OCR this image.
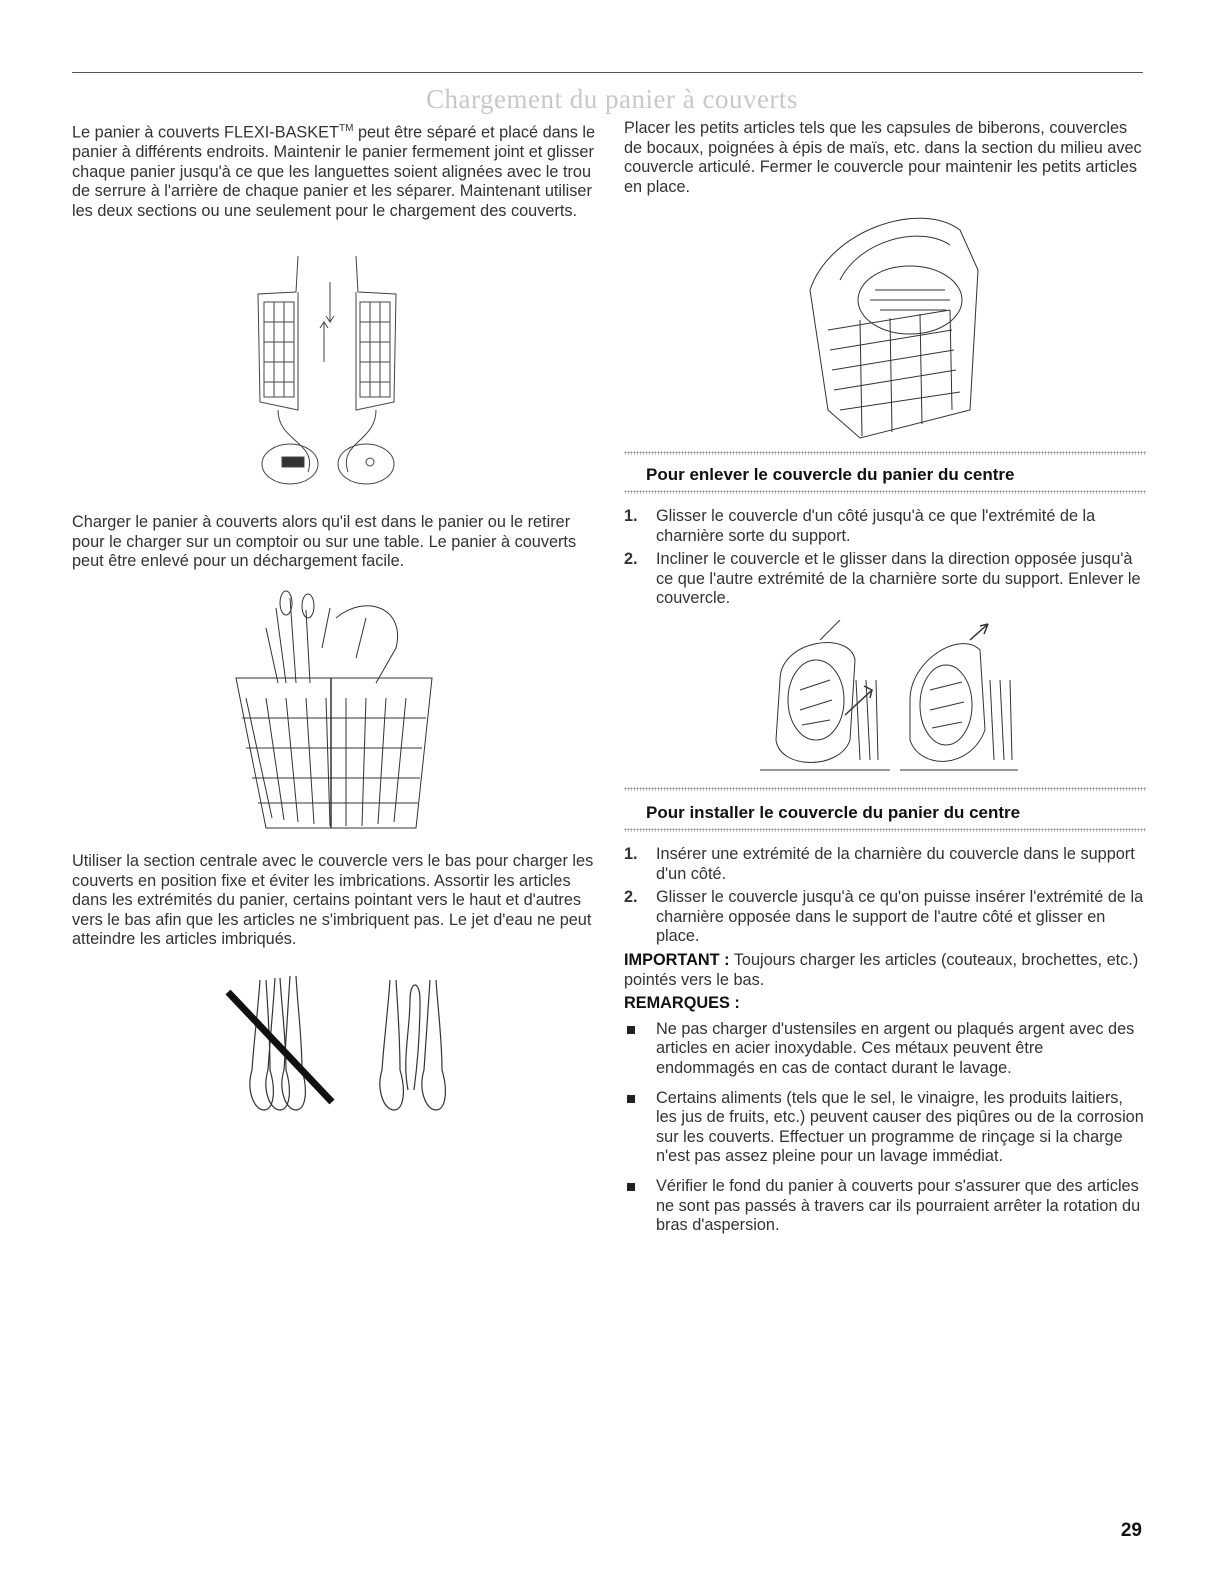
Chargement du panier à couverts
Le panier à couverts FLEXI-BASKET™ peut être séparé et placé dans le panier à différents endroits. Maintenir le panier fermement joint et glisser chaque panier jusqu'à ce que les languettes soient alignées avec le trou de serrure à l'arrière de chaque panier et les séparer. Maintenant utiliser les deux sections ou une seulement pour le chargement des couverts.
Charger le panier à couverts alors qu'il est dans le panier ou le retirer pour le charger sur un comptoir ou sur une table. Le panier à couverts peut être enlevé pour un déchargement facile.
Utiliser la section centrale avec le couvercle vers le bas pour charger les couverts en position fixe et éviter les imbrications. Assortir les articles dans les extrémités du panier, certains pointant vers le haut et d'autres vers le bas afin que les articles ne s'imbriquent pas. Le jet d'eau ne peut atteindre les articles imbriqués.
Placer les petits articles tels que les capsules de biberons, couvercles de bocaux, poignées à épis de maïs, etc. dans la section du milieu avec couvercle articulé. Fermer le couvercle pour maintenir les petits articles en place.
Pour enlever le couvercle du panier du centre
1. Glisser le couvercle d'un côté jusqu'à ce que l'extrémité de la charnière sorte du support.
2. Incliner le couvercle et le glisser dans la direction opposée jusqu'à ce que l'autre extrémité de la charnière sorte du support. Enlever le couvercle.
Pour installer le couvercle du panier du centre
1. Insérer une extrémité de la charnière du couvercle dans le support d'un côté.
2. Glisser le couvercle jusqu'à ce qu'on puisse insérer l'extrémité de la charnière opposée dans le support de l'autre côté et glisser en place.
IMPORTANT : Toujours charger les articles (couteaux, brochettes, etc.) pointés vers le bas.
REMARQUES :
Ne pas charger d'ustensiles en argent ou plaqués argent avec des articles en acier inoxydable. Ces métaux peuvent être endommagés en cas de contact durant le lavage.
Certains aliments (tels que le sel, le vinaigre, les produits laitiers, les jus de fruits, etc.) peuvent causer des piqûres ou de la corrosion sur les couverts. Effectuer un programme de rinçage si la charge n'est pas assez pleine pour un lavage immédiat.
Vérifier le fond du panier à couverts pour s'assurer que des articles ne sont pas passés à travers car ils pourraient arrêter la rotation du bras d'aspersion.
29
